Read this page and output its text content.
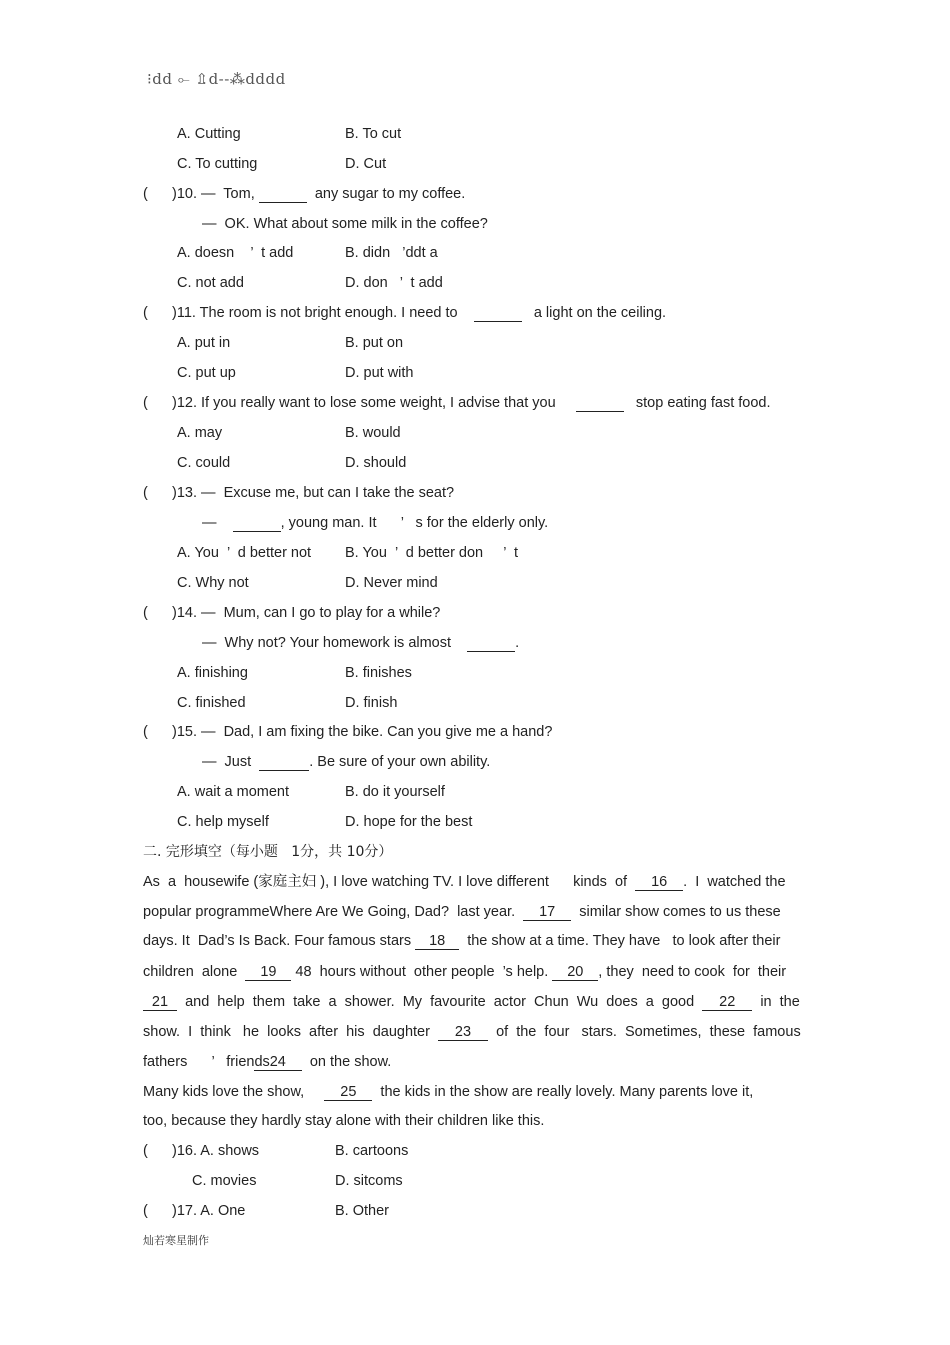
⁝dd ⟜ ⇫d--⁂dddd
A. Cutting	B. To cut
C. To cutting	D. Cut
( )10. —  Tom,	any sugar to my coffee.
—  OK. What about some milk in the coffee?
A. doesn    ’  t add	B. didn   ’ddt a
C. not add	D. don   ’  t add
( )11. The room is not bright enough. I need to	a light on the ceiling.
A. put in	B. put on
C. put up	D. put with
( )12. If you really want to lose some weight, I advise that you	stop eating fast food.
A. may	B. would
C. could	D. should
( )13. —  Excuse me, but can I take the seat?
—	, young man. It      ’   s for the elderly only.
A. You  ’  d better not B. You  ’  d better don     ’  t
C. Why not	D. Never mind
( )14. —  Mum, can I go to play for a while?
—  Why not? Your homework is almost	.
A. finishing	B. finishes
C. finished	D. finish
( )15. —  Dad, I am fixing the bike. Can you give me a hand?
—  Just	. Be sure of your own ability.
A. wait a moment	B. do it yourself
C. help myself	D. hope for the best
二. 完形填空（每小题   1分，共 10分）
As  a  housewife (家庭主妇 ), I love watching TV. I love different      kinds  of 16 .  I  watched the
popular programmeWhere Are We Going, Dad?  last year. 17 similar show comes to us these
days. It Dad’s Is Back. Four famous stars 18 the show at a time. They have   to look after their
children  alone 19 48  hours without  other people  ’s help. 20 , they  need to cook  for  their
21 and  help  them  take  a  shower.  My  favourite  actor  Chun  Wu  does  a  good 22 in  the
show.  I  think   he  looks  after  his  daughter 23 of  the  four   stars.  Sometimes,  these  famous
fathers      ’   friends24 on the show.
Many kids love the show, 25 the kids in the show are really lovely. Many parents love it,
too, because they hardly stay alone with their children like this.
( )16. A. shows	B. cartoons
C. movies	D. sitcoms
( )17. A. One	B. Other
灿若寒星制作
